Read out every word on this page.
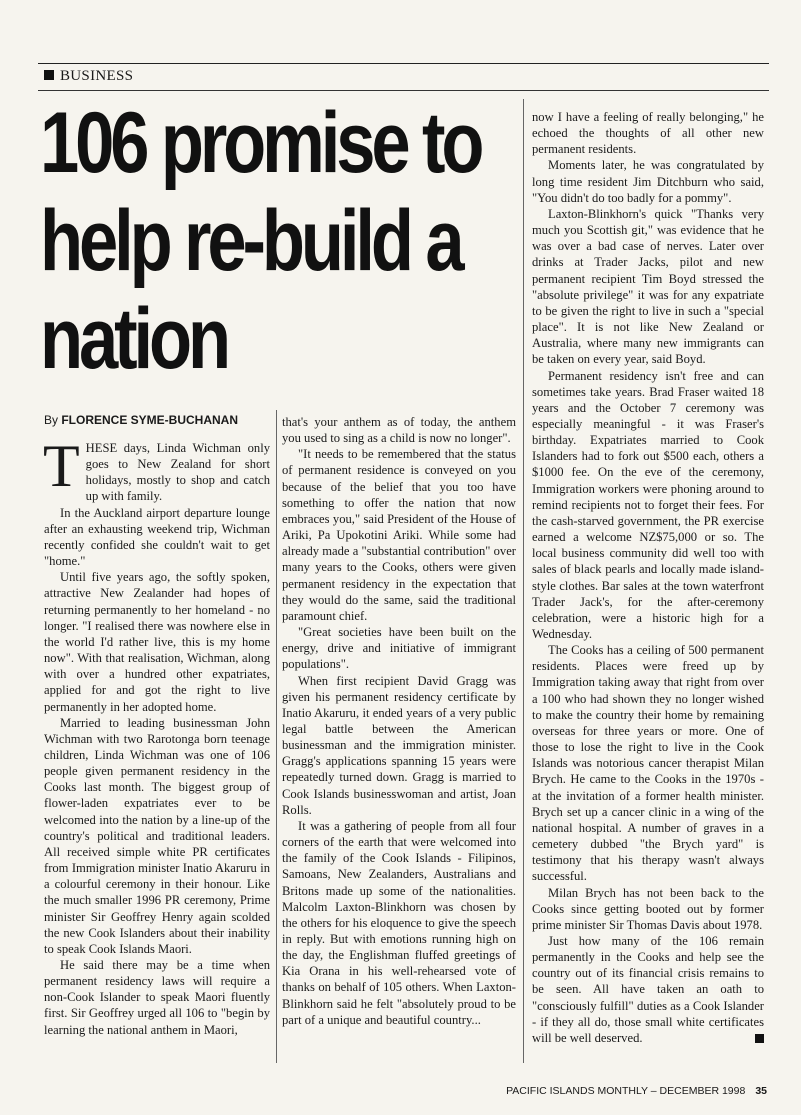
BUSINESS
106 promise to
help re-build a
nation
By FLORENCE SYME-BUCHANAN

THESE days, Linda Wichman only goes to New Zealand for short holidays, mostly to shop and catch up with family.

In the Auckland airport departure lounge after an exhausting weekend trip, Wichman recently confided she couldn't wait to get "home."

Until five years ago, the softly spoken, attractive New Zealander had hopes of returning permanently to her homeland - no longer. "I realised there was nowhere else in the world I'd rather live, this is my home now". With that realisation, Wichman, along with over a hundred other expatriates, applied for and got the right to live permanently in her adopted home.

Married to leading businessman John Wichman with two Rarotonga born teenage children, Linda Wichman was one of 106 people given permanent residency in the Cooks last month. The biggest group of flower-laden expatriates ever to be welcomed into the nation by a line-up of the country's political and traditional leaders. All received simple white PR certificates from Immigration minister Inatio Akaruru in a colourful ceremony in their honour. Like the much smaller 1996 PR ceremony, Prime minister Sir Geoffrey Henry again scolded the new Cook Islanders about their inability to speak Cook Islands Maori.

He said there may be a time when permanent residency laws will require a non-Cook Islander to speak Maori fluently first. Sir Geoffrey urged all 106 to "begin by learning the national anthem in Maori,

that's your anthem as of today, the anthem you used to sing as a child is now no longer".

"It needs to be remembered that the status of permanent residence is conveyed on you because of the belief that you too have something to offer the nation that now embraces you," said President of the House of Ariki, Pa Upokotini Ariki. While some had already made a "substantial contribution" over many years to the Cooks, others were given permanent residency in the expectation that they would do the same, said the traditional paramount chief.

"Great societies have been built on the energy, drive and initiative of immigrant populations".

When first recipient David Gragg was given his permanent residency certificate by Inatio Akaruru, it ended years of a very public legal battle between the American businessman and the immigration minister. Gragg's applications spanning 15 years were repeatedly turned down. Gragg is married to Cook Islands businesswoman and artist, Joan Rolls.

It was a gathering of people from all four corners of the earth that were welcomed into the family of the Cook Islands - Filipinos, Samoans, New Zealanders, Australians and Britons made up some of the nationalities. Malcolm Laxton-Blinkhorn was chosen by the others for his eloquence to give the speech in reply. But with emotions running high on the day, the Englishman fluffed greetings of Kia Orana in his well-rehearsed vote of thanks on behalf of 105 others. When Laxton-Blinkhorn said he felt "absolutely proud to be part of a unique and beautiful country...

now I have a feeling of really belonging," he echoed the thoughts of all other new permanent residents.

Moments later, he was congratulated by long time resident Jim Ditchburn who said, "You didn't do too badly for a pommy".

Laxton-Blinkhorn's quick "Thanks very much you Scottish git," was evidence that he was over a bad case of nerves. Later over drinks at Trader Jacks, pilot and new permanent recipient Tim Boyd stressed the "absolute privilege" it was for any expatriate to be given the right to live in such a "special place". It is not like New Zealand or Australia, where many new immigrants can be taken on every year, said Boyd.

Permanent residency isn't free and can sometimes take years. Brad Fraser waited 18 years and the October 7 ceremony was especially meaningful - it was Fraser's birthday. Expatriates married to Cook Islanders had to fork out $500 each, others a $1000 fee. On the eve of the ceremony, Immigration workers were phoning around to remind recipients not to forget their fees. For the cash-starved government, the PR exercise earned a welcome NZ$75,000 or so. The local business community did well too with sales of black pearls and locally made island-style clothes. Bar sales at the town waterfront Trader Jack's, for the after-ceremony celebration, were a historic high for a Wednesday.

The Cooks has a ceiling of 500 permanent residents. Places were freed up by Immigration taking away that right from over a 100 who had shown they no longer wished to make the country their home by remaining overseas for three years or more. One of those to lose the right to live in the Cook Islands was notorious cancer therapist Milan Brych. He came to the Cooks in the 1970s - at the invitation of a former health minister. Brych set up a cancer clinic in a wing of the national hospital. A number of graves in a cemetery dubbed "the Brych yard" is testimony that his therapy wasn't always successful.

Milan Brych has not been back to the Cooks since getting booted out by former prime minister Sir Thomas Davis about 1978.

Just how many of the 106 remain permanently in the Cooks and help see the country out of its financial crisis remains to be seen. All have taken an oath to "consciously fulfill" duties as a Cook Islander - if they all do, those small white certificates will be well deserved.

PACIFIC ISLANDS MONTHLY – DECEMBER 1998 35
